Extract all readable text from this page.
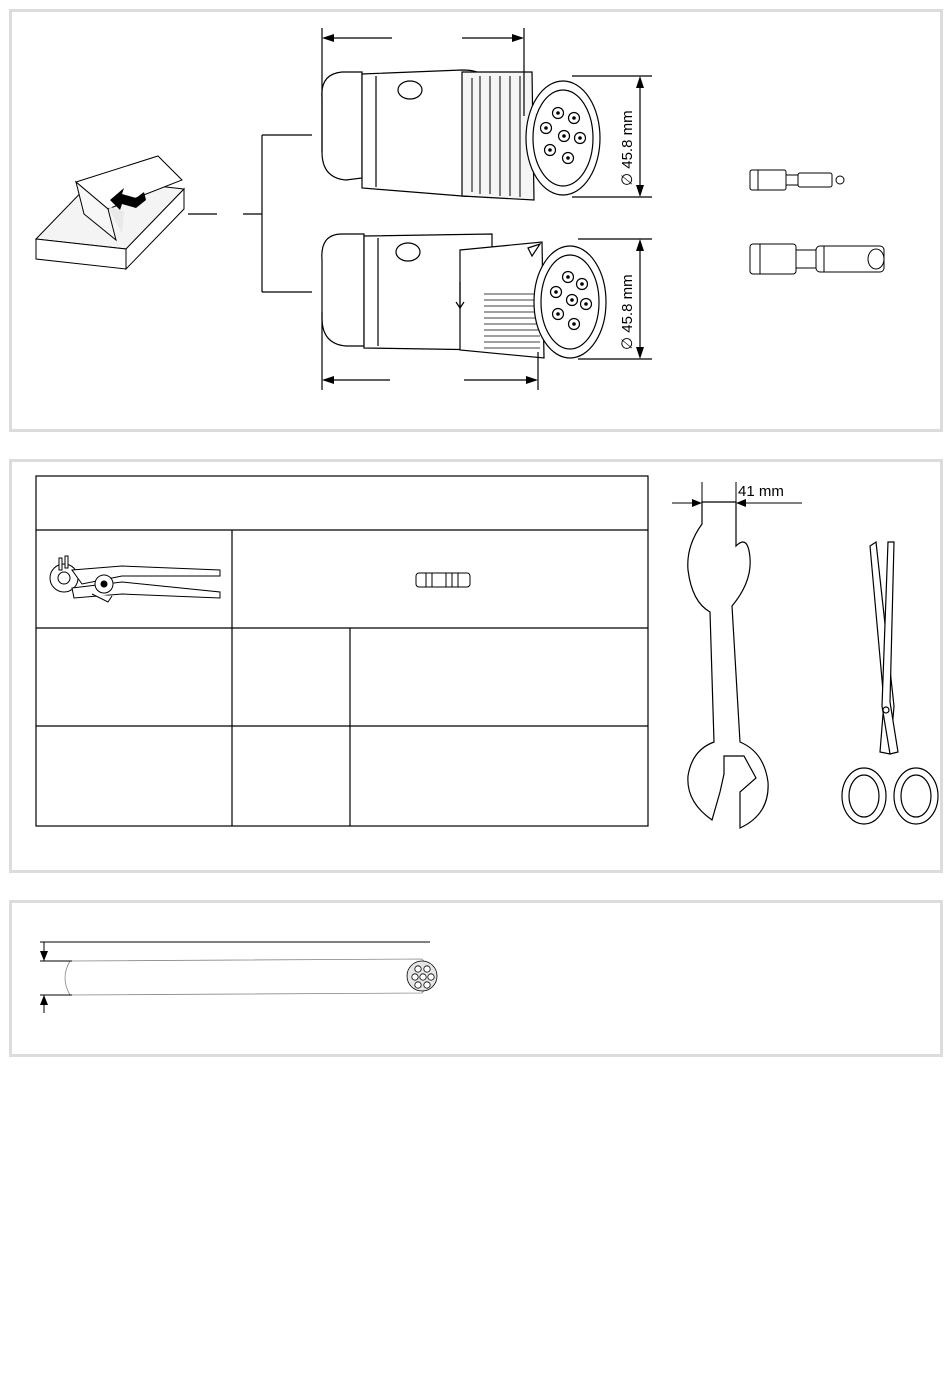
∅ 45.8 mm
∅ 45.8 mm
41 mm
